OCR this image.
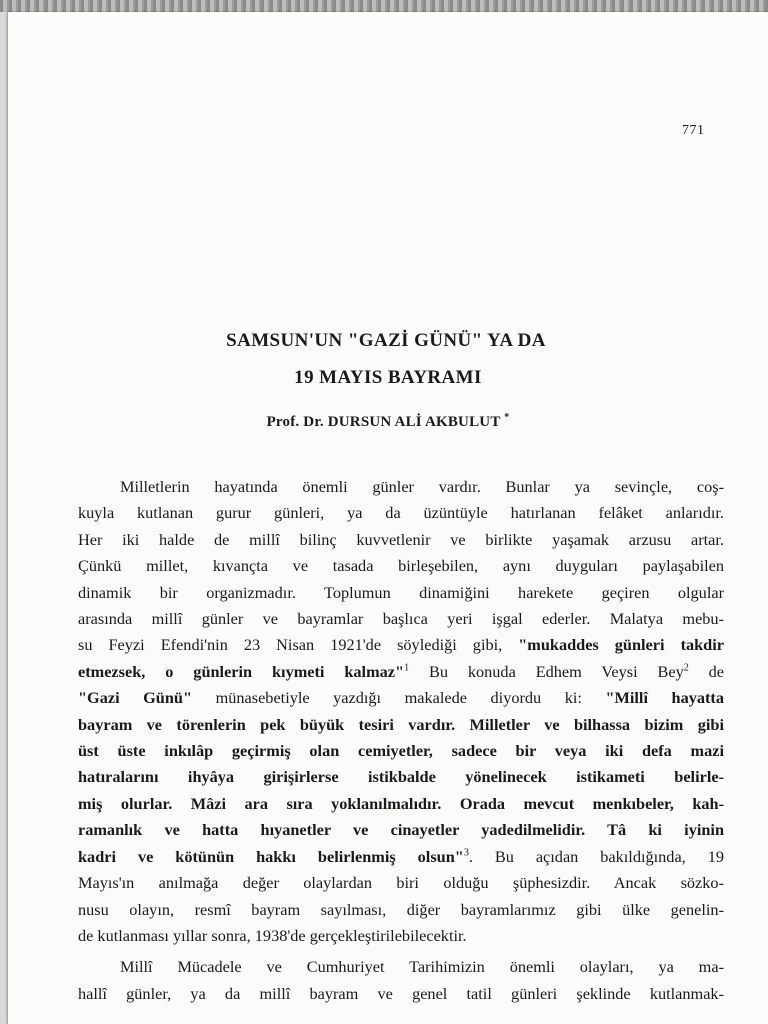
771
SAMSUN'UN "GAZİ GÜNÜ" YA DA
19 MAYIS BAYRAMI
Prof. Dr. DURSUN ALİ AKBULUT *
Milletlerin hayatında önemli günler vardır. Bunlar ya sevinçle, coş-
kuyla kutlanan gurur günleri, ya da üzüntüyle hatırlanan felâket anlarıdır.
Her iki halde de millî bilinç kuvvetlenir ve birlikte yaşamak arzusu artar.
Çünkü millet, kıvançta ve tasada birleşebilen, aynı duyguları paylaşabilen
dinamik bir organizmadır. Toplumun dinamiğini harekete geçiren olgular
arasında millî günler ve bayramlar başlıca yeri işgal ederler. Malatya mebu-
su Feyzi Efendi'nin 23 Nisan 1921'de söylediği gibi, "mukaddes günleri takdir
etmezsek, o günlerin kıymeti kalmaz"$^1$ Bu konuda Edhem Veysi Bey$^2$ de
"Gazi Günü" münasebetiyle yazdığı makalede diyordu ki: "Millî hayatta
bayram ve törenlerin pek büyük tesiri vardır. Milletler ve bilhassa bizim gibi
üst üste inkılâp geçirmiş olan cemiyetler, sadece bir veya iki defa mazi
hatıralarını ihyâya girişirlerse istikbalde yönelinecek istikameti belirle-
miş olurlar. Mâzi ara sıra yoklanılmalıdır. Orada mevcut menkıbeler, kah-
ramanlık ve hatta hıyanetler ve cinayetler yadedilmelidir. Tâ ki iyinin
kadri ve kötünün hakkı belirlenmiş olsun"$^3$. Bu açıdan bakıldığında, 19
Mayıs'ın anılmağa değer olaylardan biri olduğu şüphesizdir. Ancak sözko-
nusu olayın, resmî bayram sayılması, diğer bayramlarımız gibi ülke genelin-
de kutlanması yıllar sonra, 1938'de gerçekleştirilebilecektir.
Millî Mücadele ve Cumhuriyet Tarihimizin önemli olayları, ya ma-
hallî günler, ya da millî bayram ve genel tatil günleri şeklinde kutlanmak-
